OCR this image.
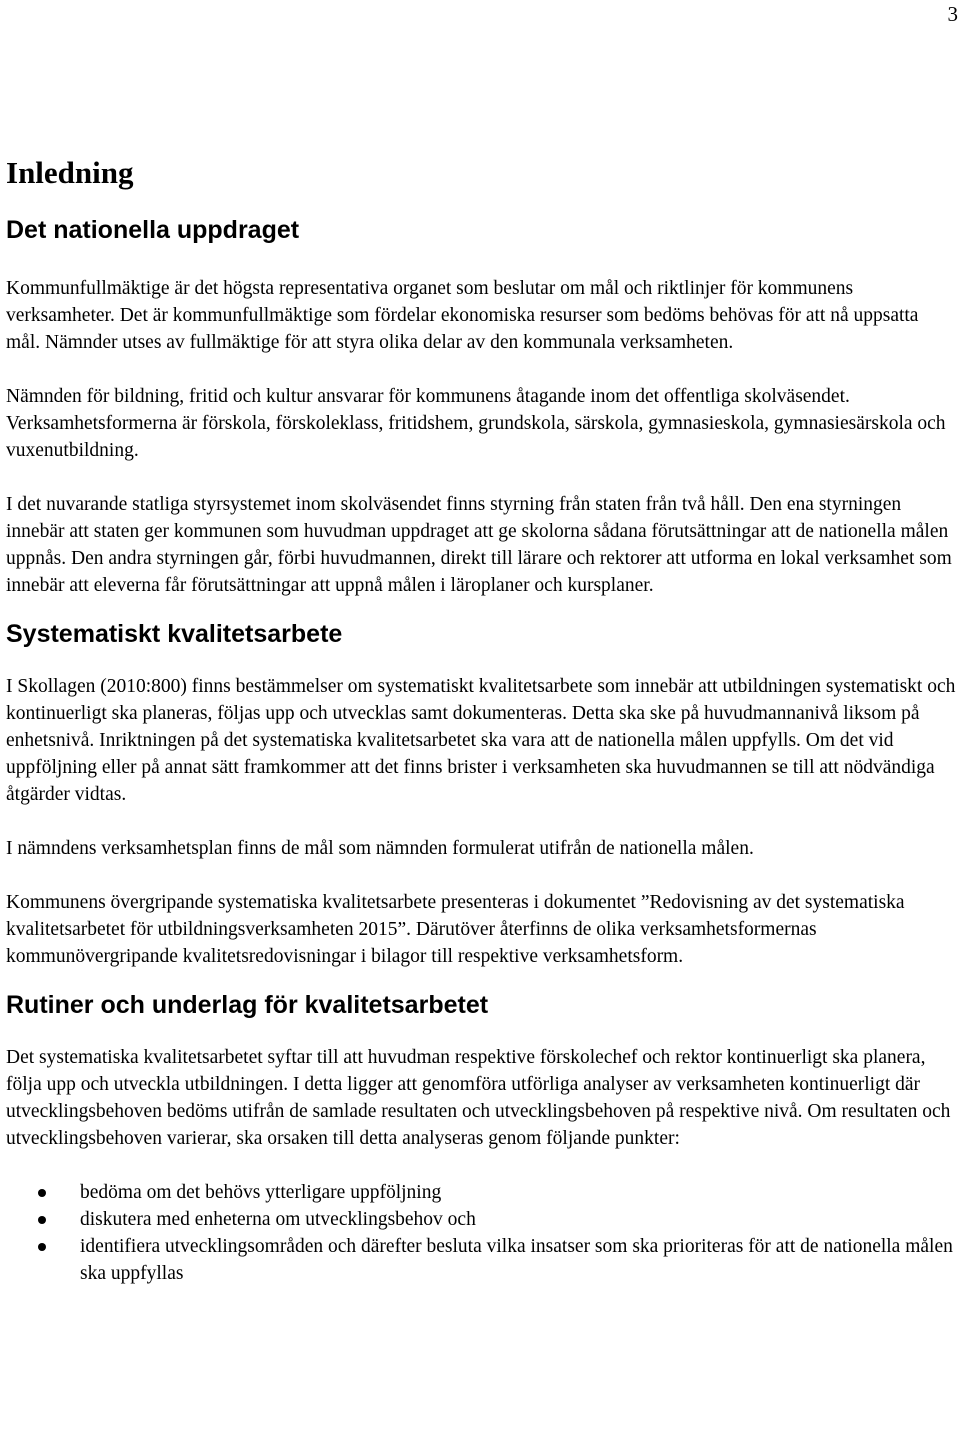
3
Inledning
Det nationella uppdraget

Kommunfullmäktige är det högsta representativa organet som beslutar om mål och riktlinjer för kommunens verksamheter. Det är kommunfullmäktige som fördelar ekonomiska resurser som bedöms behövas för att nå uppsatta mål. Nämnder utses av fullmäktige för att styra olika delar av den kommunala verksamheten.

Nämnden för bildning, fritid och kultur ansvarar för kommunens åtagande inom det offentliga skolväsendet. Verksamhetsformerna är förskola, förskoleklass, fritidshem, grundskola, särskola, gymnasieskola, gymnasiesärskola och vuxenutbildning.

I det nuvarande statliga styrsystemet inom skolväsendet finns styrning från staten från två håll. Den ena styrningen innebär att staten ger kommunen som huvudman uppdraget att ge skolorna sådana förutsättningar att de nationella målen uppnås. Den andra styrningen går, förbi huvudmannen, direkt till lärare och rektorer att utforma en lokal verksamhet som innebär att eleverna får förutsättningar att uppnå målen i läroplaner och kursplaner.

Systematiskt kvalitetsarbete

I Skollagen (2010:800) finns bestämmelser om systematiskt kvalitetsarbete som innebär att utbildningen systematiskt och kontinuerligt ska planeras, följas upp och utvecklas samt dokumenteras. Detta ska ske på huvudmannanivå liksom på enhetsnivå. Inriktningen på det systematiska kvalitetsarbetet ska vara att de nationella målen uppfylls. Om det vid uppföljning eller på annat sätt framkommer att det finns brister i verksamheten ska huvudmannen se till att nödvändiga åtgärder vidtas.

I nämndens verksamhetsplan finns de mål som nämnden formulerat utifrån de nationella målen.

Kommunens övergripande systematiska kvalitetsarbete presenteras i dokumentet ”Redovisning av det systematiska kvalitetsarbetet för utbildningsverksamheten 2015”. Därutöver återfinns de olika verksamhetsformernas kommunövergripande kvalitetsredovisningar i bilagor till respektive verksamhetsform.

Rutiner och underlag för kvalitetsarbetet

Det systematiska kvalitetsarbetet syftar till att huvudman respektive förskolechef och rektor kontinuerligt ska planera, följa upp och utveckla utbildningen. I detta ligger att genomföra utförliga analyser av verksamheten kontinuerligt där utvecklingsbehoven bedöms utifrån de samlade resultaten och utvecklingsbehoven på respektive nivå. Om resultaten och utvecklingsbehoven varierar, ska orsaken till detta analyseras genom följande punkter:

bedöma om det behövs ytterligare uppföljning
diskutera med enheterna om utvecklingsbehov och
identifiera utvecklingsområden och därefter besluta vilka insatser som ska prioriteras för att de nationella målen ska uppfyllas
